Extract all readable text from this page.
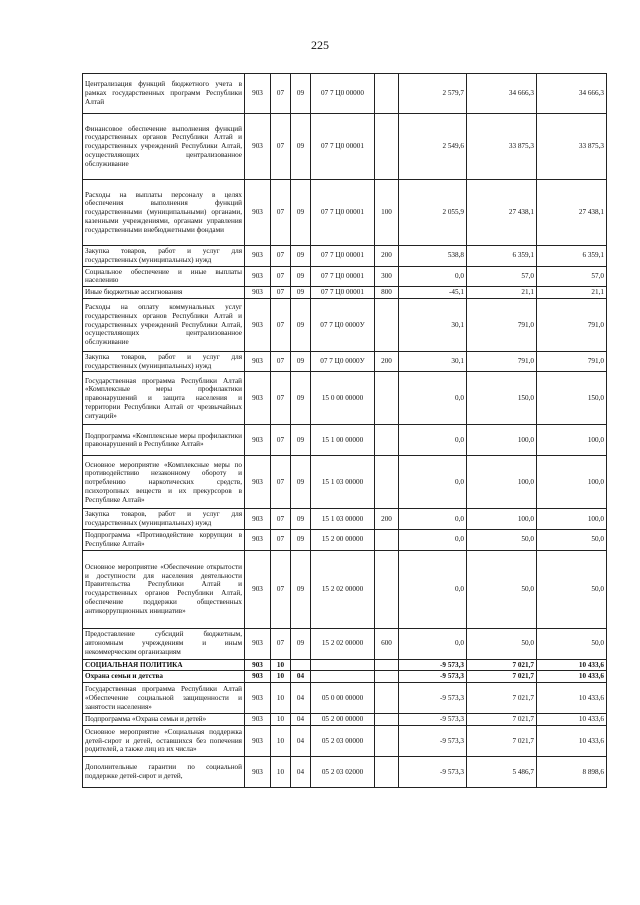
225
Централизация функций бюджетного учета в рамках государственных программ Республики Алтай	903	07	09	07 7 Ц0 00000		2 579,7	34 666,3	34 666,3
Финансовое обеспечение выполнения функций государственных органов Республики Алтай и государственных учреждений Республики Алтай, осуществляющих централизованное обслуживание	903	07	09	07 7 Ц0 00001		2 549,6	33 875,3	33 875,3
Расходы на выплаты персоналу в целях обеспечения выполнения функций государственными (муниципальными) органами, казенными учреждениями, органами управления государственными внебюджетными фондами	903	07	09	07 7 Ц0 00001	100	2 055,9	27 438,1	27 438,1
Закупка товаров, работ и услуг для государственных (муниципальных) нужд	903	07	09	07 7 Ц0 00001	200	538,8	6 359,1	6 359,1
Социальное обеспечение и иные выплаты населению	903	07	09	07 7 Ц0 00001	300	0,0	57,0	57,0
Иные бюджетные ассигнования	903	07	09	07 7 Ц0 00001	800	-45,1	21,1	21,1
Расходы на оплату коммунальных услуг государственных органов Республики Алтай и государственных учреждений Республики Алтай, осуществляющих централизованное обслуживание	903	07	09	07 7 Ц0 0000У		30,1	791,0	791,0
Закупка товаров, работ и услуг для государственных (муниципальных) нужд	903	07	09	07 7 Ц0 0000У	200	30,1	791,0	791,0
Государственная программа Республики Алтай «Комплексные меры профилактики правонарушений и защита населения и территории Республики Алтай от чрезвычайных ситуаций»	903	07	09	15 0 00 00000		0,0	150,0	150,0
Подпрограмма «Комплексные меры профилактики правонарушений в Республике Алтай»	903	07	09	15 1 00 00000		0,0	100,0	100,0
Основное мероприятие «Комплексные меры по противодействию незаконному обороту и потреблению наркотических средств, психотропных веществ и их прекурсоров в Республике Алтай»	903	07	09	15 1 03 00000		0,0	100,0	100,0
Закупка товаров, работ и услуг для государственных (муниципальных) нужд	903	07	09	15 1 03 00000	200	0,0	100,0	100,0
Подпрограмма «Противодействие коррупции в Республике Алтай»	903	07	09	15 2 00 00000		0,0	50,0	50,0
Основное мероприятие «Обеспечение открытости и доступности для населения деятельности Правительства Республики Алтай и государственных органов Республики Алтай, обеспечение поддержки общественных антикоррупционных инициатив»	903	07	09	15 2 02 00000		0,0	50,0	50,0
Предоставление субсидий бюджетным, автономным учреждениям и иным некоммерческим организациям	903	07	09	15 2 02 00000	600	0,0	50,0	50,0
СОЦИАЛЬНАЯ ПОЛИТИКА	903	10				-9 573,3	7 021,7	10 433,6
Охрана семьи и детства	903	10	04			-9 573,3	7 021,7	10 433,6
Государственная программа Республики Алтай «Обеспечение социальной защищенности и занятости населения»	903	10	04	05 0 00 00000		-9 573,3	7 021,7	10 433,6
Подпрограмма «Охрана семьи и детей»	903	10	04	05 2 00 00000		-9 573,3	7 021,7	10 433,6
Основное мероприятие «Социальная поддержка детей-сирот и детей, оставшихся без попечения родителей, а также лиц из их числа»	903	10	04	05 2 03 00000		-9 573,3	7 021,7	10 433,6
Дополнительные гарантии по социальной поддержке детей-сирот и детей,	903	10	04	05 2 03 02000		-9 573,3	5 486,7	8 898,6
